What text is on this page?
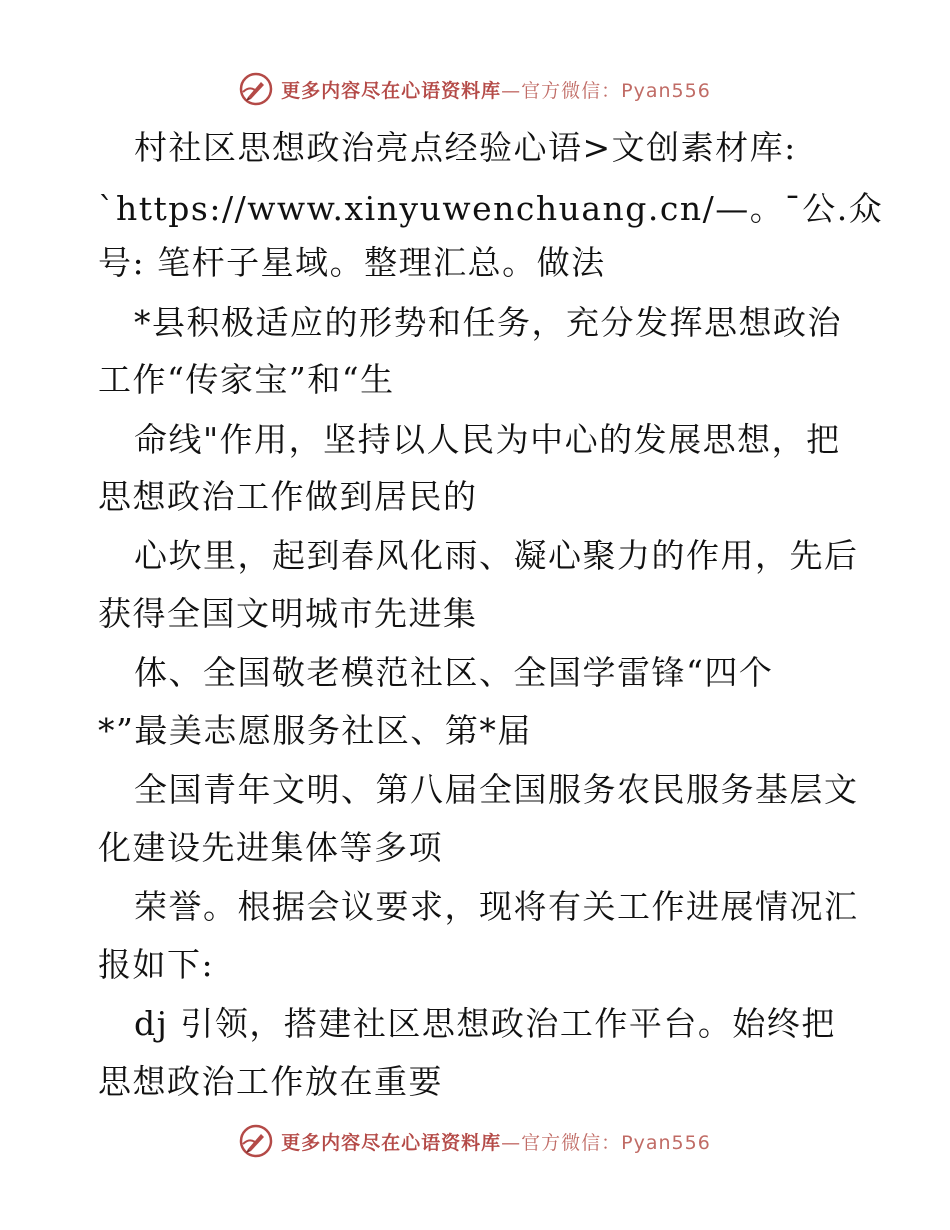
更多内容尽在心语资料库—官方微信：Pyan556
村社区思想政治亮点经验心语>文创素材库:
`https://www.xinyuwenchuang.cn/—。¯公.众
号: 笔杆子星域。整理汇总。做法
*县积极适应的形势和任务，充分发挥思想政治
工作“传家宝”和“生
命线"作用，坚持以人民为中心的发展思想，把
思想政治工作做到居民的
心坎里，起到春风化雨、凝心聚力的作用，先后
获得全国文明城市先进集
体、全国敬老模范社区、全国学雷锋“四个
*”最美志愿服务社区、第*届
全国青年文明、第八届全国服务农民服务基层文
化建设先进集体等多项
荣誉。根据会议要求，现将有关工作进展情况汇
报如下:
dj 引领，搭建社区思想政治工作平台。始终把
思想政治工作放在重要
更多内容尽在心语资料库—官方微信：Pyan556
